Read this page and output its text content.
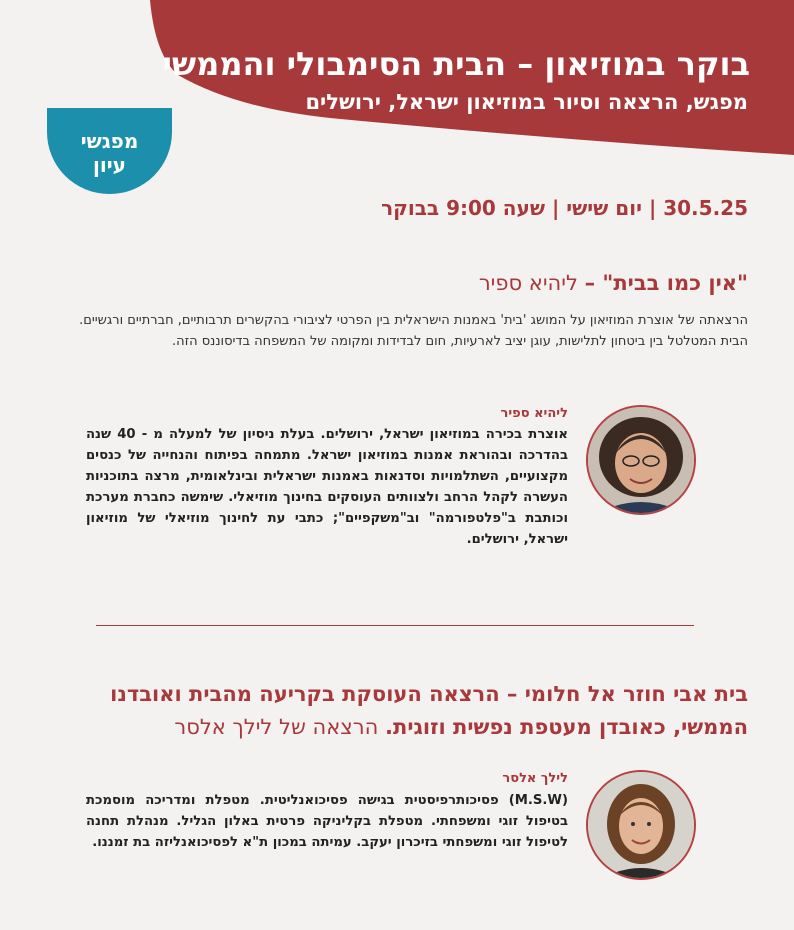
בוקר במוזיאון – הבית הסימבולי והממשי
מפגש, הרצאה וסיור במוזיאון ישראל, ירושלים
מפגשי
עיון
30.5.25 | יום שישי | שעה 9:00 בבוקר
"אין כמו בבית" – ליהיא ספיר
הרצאתה של אוצרת המוזיאון על המושג 'בית' באמנות הישראלית בין הפרטי לציבורי בהקשרים תרבותיים, חברתיים ורגשיים. הבית המטלטל בין ביטחון לתלישות, עוגן יציב לארעיות, חום לבדידות ומקומה של המשפחה בדיסוננס הזה.
ליהיא ספיר
אוצרת בכירה במוזיאון ישראל, ירושלים. בעלת ניסיון של למעלה מ - 40 שנה בהדרכה ובהוראת אמנות במוזיאון ישראל. מתמחה בפיתוח והנחייה של כנסים מקצועיים, השתלמויות וסדנאות באמנות ישראלית ובינלאומית, מרצה בתוכניות העשרה לקהל הרחב ולצוותים העוסקים בחינוך מוזיאלי. שימשה כחברת מערכת וכותבת ב"פלטפורמה" וב"משקפיים"; כתבי עת לחינוך מוזיאלי של מוזיאון ישראל, ירושלים.
בית אבי חוזר אל חלומי – הרצאה העוסקת בקריעה מהבית ואובדנו הממשי, כאובדן מעטפת נפשית וזוגית. הרצאה של לילך אלסר
לילך אלסר
(M.S.W) פסיכותרפיסטית בגישה פסיכואנליטית. מטפלת ומדריכה מוסמכת בטיפול זוגי ומשפחתי. מטפלת בקליניקה פרטית באלון הגליל. מנהלת תחנה לטיפול זוגי ומשפחתי בזיכרון יעקב. עמיתה במכון ת"א לפסיכואנליזה בת זמננו.
